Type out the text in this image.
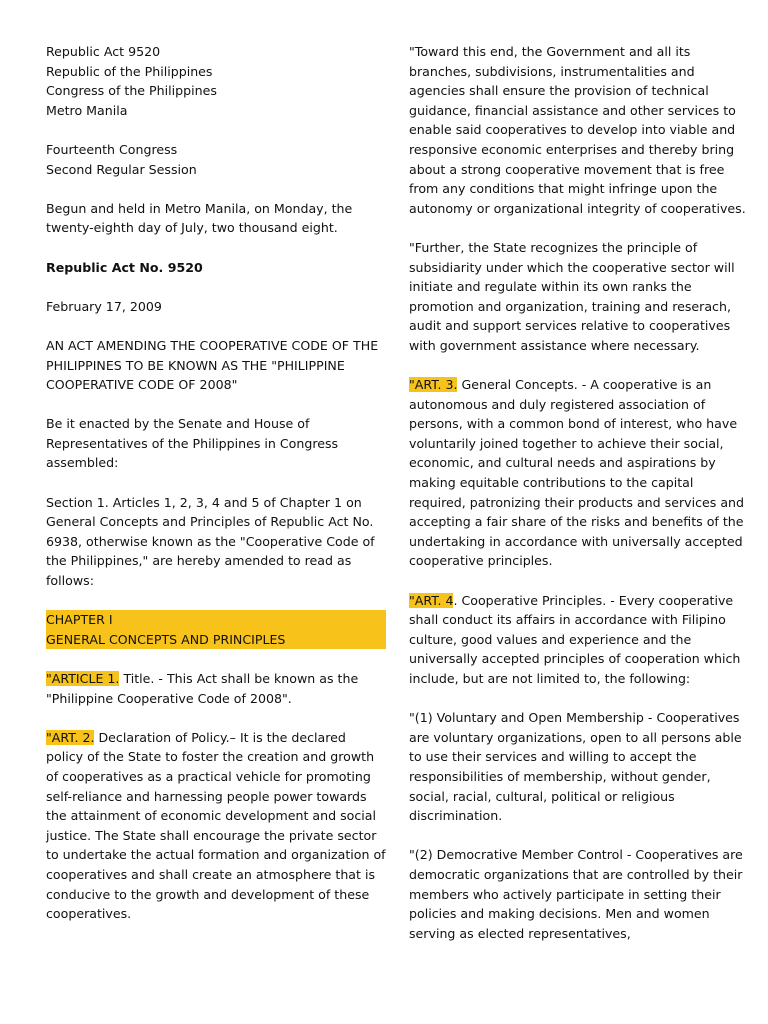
Republic Act 9520
Republic of the Philippines
Congress of the Philippines
Metro Manila

Fourteenth Congress
Second Regular Session

Begun and held in Metro Manila, on Monday, the twenty-eighth day of July, two thousand eight.

Republic Act No. 9520

February 17, 2009

AN ACT AMENDING THE COOPERATIVE CODE OF THE PHILIPPINES TO BE KNOWN AS THE "PHILIPPINE COOPERATIVE CODE OF 2008"

Be it enacted by the Senate and House of Representatives of the Philippines in Congress assembled:

Section 1. Articles 1, 2, 3, 4 and 5 of Chapter 1 on General Concepts and Principles of Republic Act No. 6938, otherwise known as the "Cooperative Code of the Philippines," are hereby amended to read as follows:

CHAPTER I
GENERAL CONCEPTS AND PRINCIPLES

"ARTICLE 1. Title. - This Act shall be known as the "Philippine Cooperative Code of 2008".

"ART. 2. Declaration of Policy.– It is the declared policy of the State to foster the creation and growth of cooperatives as a practical vehicle for promoting self-reliance and harnessing people power towards the attainment of economic development and social justice. The State shall encourage the private sector to undertake the actual formation and organization of cooperatives and shall create an atmosphere that is conducive to the growth and development of these cooperatives.

"Toward this end, the Government and all its branches, subdivisions, instrumentalities and agencies shall ensure the provision of technical guidance, financial assistance and other services to enable said cooperatives to develop into viable and responsive economic enterprises and thereby bring about a strong cooperative movement that is free from any conditions that might infringe upon the autonomy or organizational integrity of cooperatives.

"Further, the State recognizes the principle of subsidiarity under which the cooperative sector will initiate and regulate within its own ranks the promotion and organization, training and reserach, audit and support services relative to cooperatives with government assistance where necessary.

"ART. 3. General Concepts. - A cooperative is an autonomous and duly registered association of persons, with a common bond of interest, who have voluntarily joined together to achieve their social, economic, and cultural needs and aspirations by making equitable contributions to the capital required, patronizing their products and services and accepting a fair share of the risks and benefits of the undertaking in accordance with universally accepted cooperative principles.

"ART. 4. Cooperative Principles. - Every cooperative shall conduct its affairs in accordance with Filipino culture, good values and experience and the universally accepted principles of cooperation which include, but are not limited to, the following:

"(1) Voluntary and Open Membership - Cooperatives are voluntary organizations, open to all persons able to use their services and willing to accept the responsibilities of membership, without gender, social, racial, cultural, political or religious discrimination.

"(2) Democrative Member Control - Cooperatives are democratic organizations that are controlled by their members who actively participate in setting their policies and making decisions. Men and women serving as elected representatives,
